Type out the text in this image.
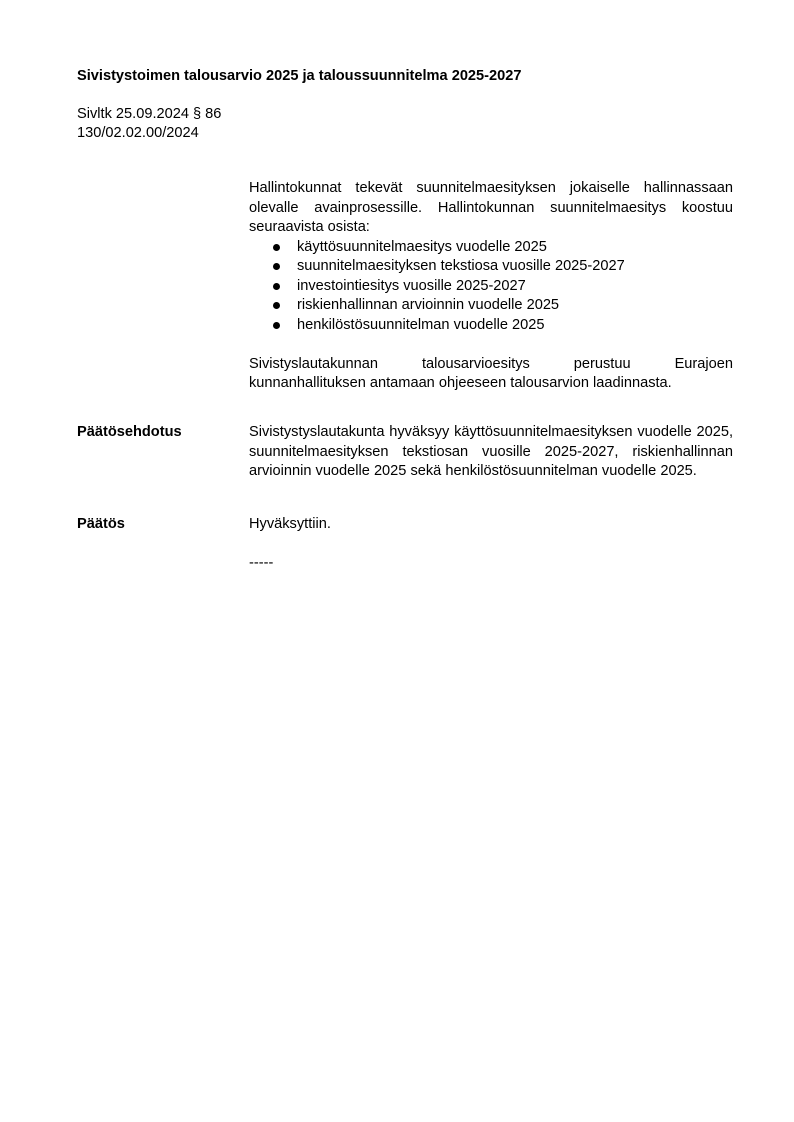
Sivistystoimen talousarvio 2025 ja taloussuunnitelma 2025-2027
Sivltk 25.09.2024 § 86
130/02.02.00/2024

Hallintokunnat tekevät suunnitelmaesityksen jokaiselle hallinnassaan olevalle avainprosessille. Hallintokunnan suunnitelmaesitys koostuu seuraavista osista:

käyttösuunnitelmaesitys vuodelle 2025
suunnitelmaesityksen tekstiosa vuosille 2025-2027
investointiesitys vuosille 2025-2027
riskienhallinnan arvioinnin vuodelle 2025
henkilöstösuunnitelman vuodelle 2025

Sivistyslautakunnan talousarvioesitys perustuu Eurajoen kunnanhallituksen antamaan ohjeeseen talousarvion laadinnasta.

Päätösehdotus	Sivistystyslautakunta hyväksyy käyttösuunnitelmaesityksen vuodelle 2025, suunnitelmaesityksen tekstiosan vuosille 2025-2027, riskienhallinnan arvioinnin vuodelle 2025 sekä henkilöstösuunnitelman vuodelle 2025.

Päätös	Hyväksyttiin.
-----
